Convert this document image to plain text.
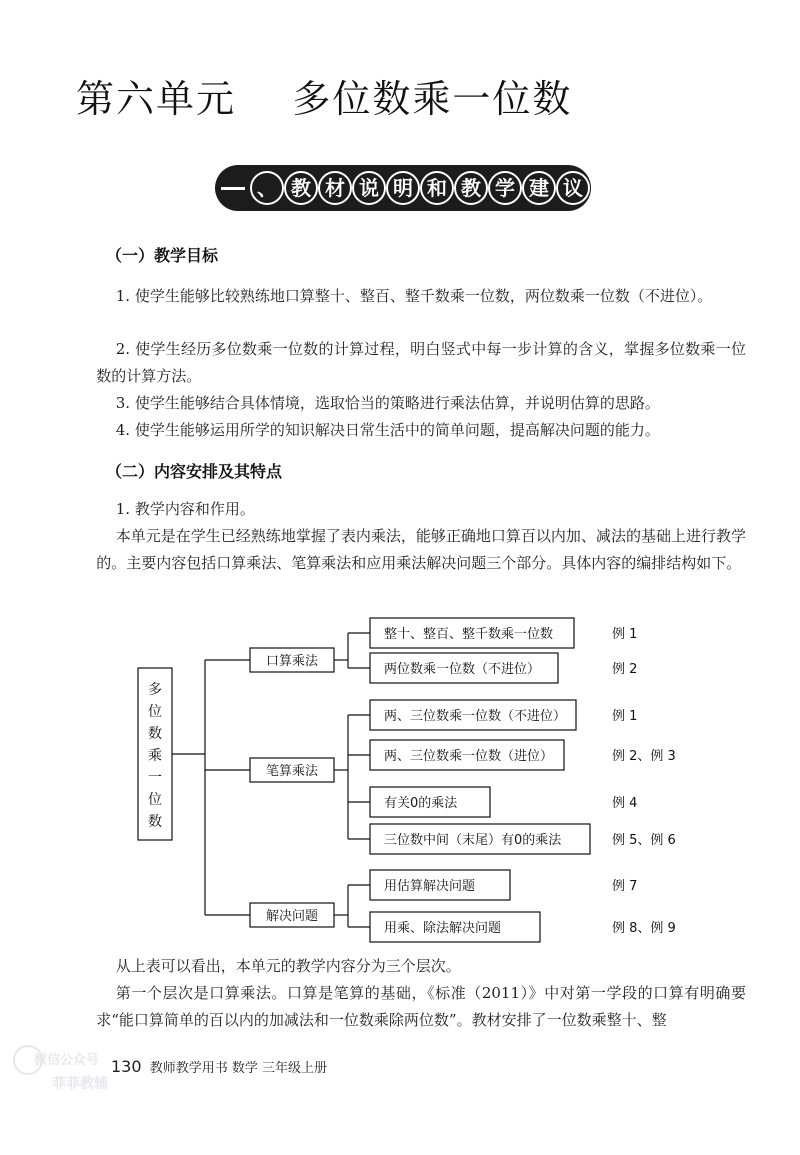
第六单元    多位数乘一位数
、 教 材 说 明 和 教 学 建 议
（一）教学目标

1. 使学生能够比较熟练地口算整十、整百、整千数乘一位数，两位数乘一位数（不进位）。

2. 使学生经历多位数乘一位数的计算过程，明白竖式中每一步计算的含义，掌握多位数乘一位数的计算方法。

3. 使学生能够结合具体情境，选取恰当的策略进行乘法估算，并说明估算的思路。

4. 使学生能够运用所学的知识解决日常生活中的简单问题，提高解决问题的能力。

（二）内容安排及其特点

1. 教学内容和作用。

本单元是在学生已经熟练地掌握了表内乘法，能够正确地口算百以内加、减法的基础上进行教学的。主要内容包括口算乘法、笔算乘法和应用乘法解决问题三个部分。具体内容的编排结构如下。

多
位
数
乘
一
位
数
口算乘法
整十、整百、整千数乘一位数	例 1
两位数乘一位数（不进位）	例 2
笔算乘法
两、三位数乘一位数（不进位）	例 1
两、三位数乘一位数（进位）	例 2、例 3
有关0的乘法	例 4
三位数中间（末尾）有0的乘法	例 5、例 6
解决问题
用估算解决问题	例 7
用乘、除法解决问题	例 8、例 9

从上表可以看出，本单元的教学内容分为三个层次。

第一个层次是口算乘法。口算是笔算的基础，《标准（2011）》中对第一学段的口算有明确要求“能口算简单的百以内的加减法和一位数乘除两位数”。教材安排了一位数乘整十、整

微信公众号
菲菲教辅
130 教师教学用书 数学 三年级上册
